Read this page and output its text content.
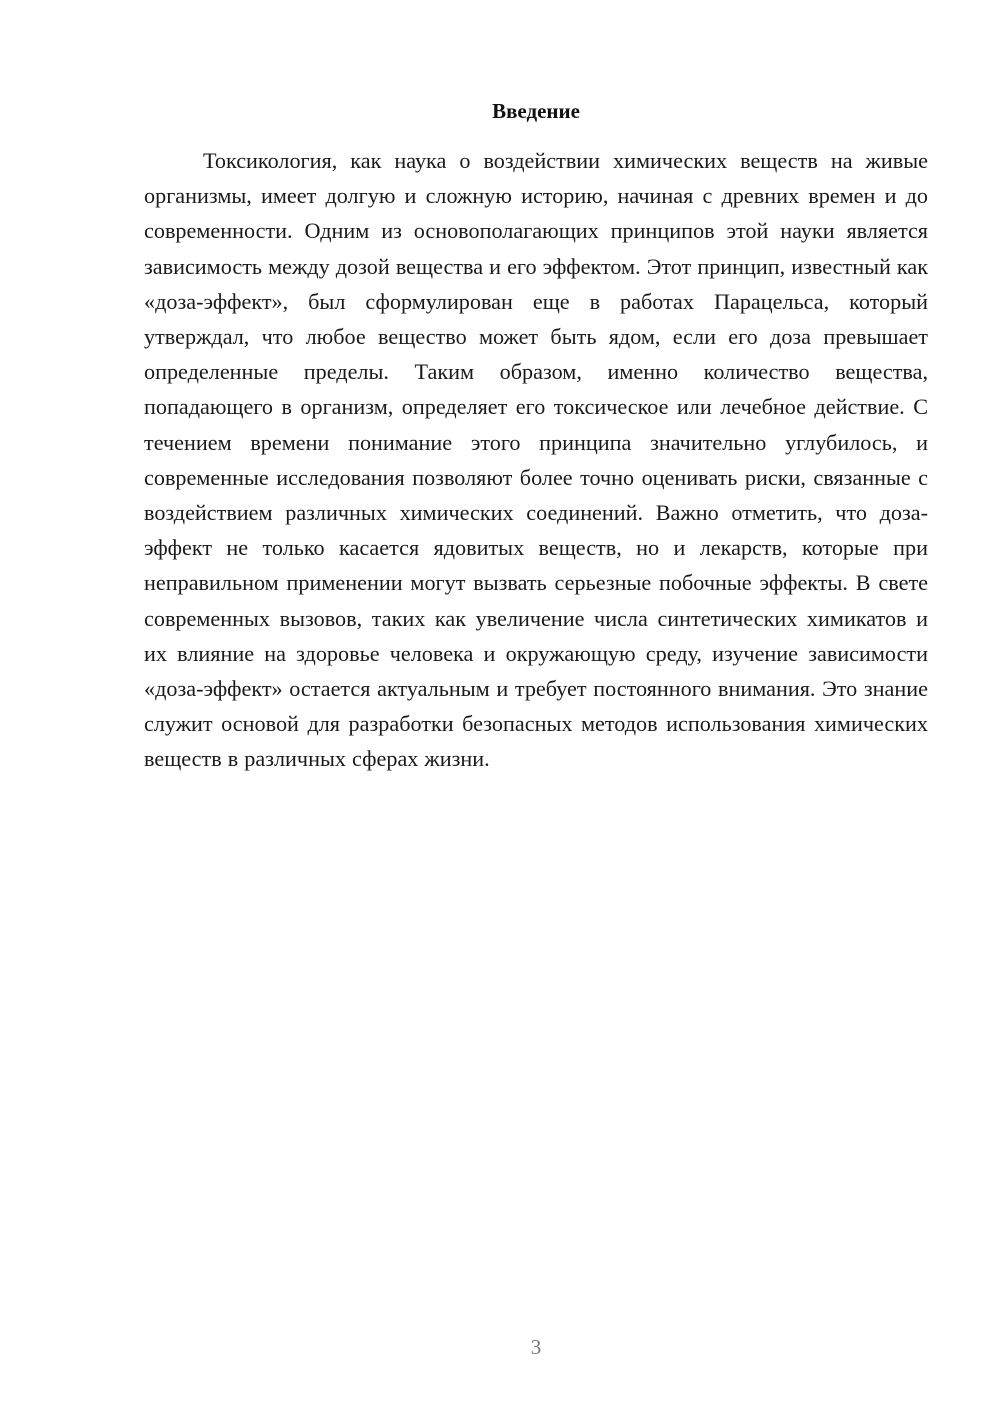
Введение

Токсикология, как наука о воздействии химических веществ на живые организмы, имеет долгую и сложную историю, начиная с древних времен и до современности. Одним из основополагающих принципов этой науки является зависимость между дозой вещества и его эффектом. Этот принцип, известный как «доза-эффект», был сформулирован еще в работах Парацельса, который утверждал, что любое вещество может быть ядом, если его доза превышает определенные пределы. Таким образом, именно количество вещества, попадающего в организм, определяет его токсическое или лечебное действие. С течением времени понимание этого принципа значительно углубилось, и современные исследования позволяют более точно оценивать риски, связанные с воздействием различных химических соединений. Важно отметить, что доза-эффект не только касается ядовитых веществ, но и лекарств, которые при неправильном применении могут вызвать серьезные побочные эффекты. В свете современных вызовов, таких как увеличение числа синтетических химикатов и их влияние на здоровье человека и окружающую среду, изучение зависимости «доза-эффект» остается актуальным и требует постоянного внимания. Это знание служит основой для разработки безопасных методов использования химических веществ в различных сферах жизни.

3
